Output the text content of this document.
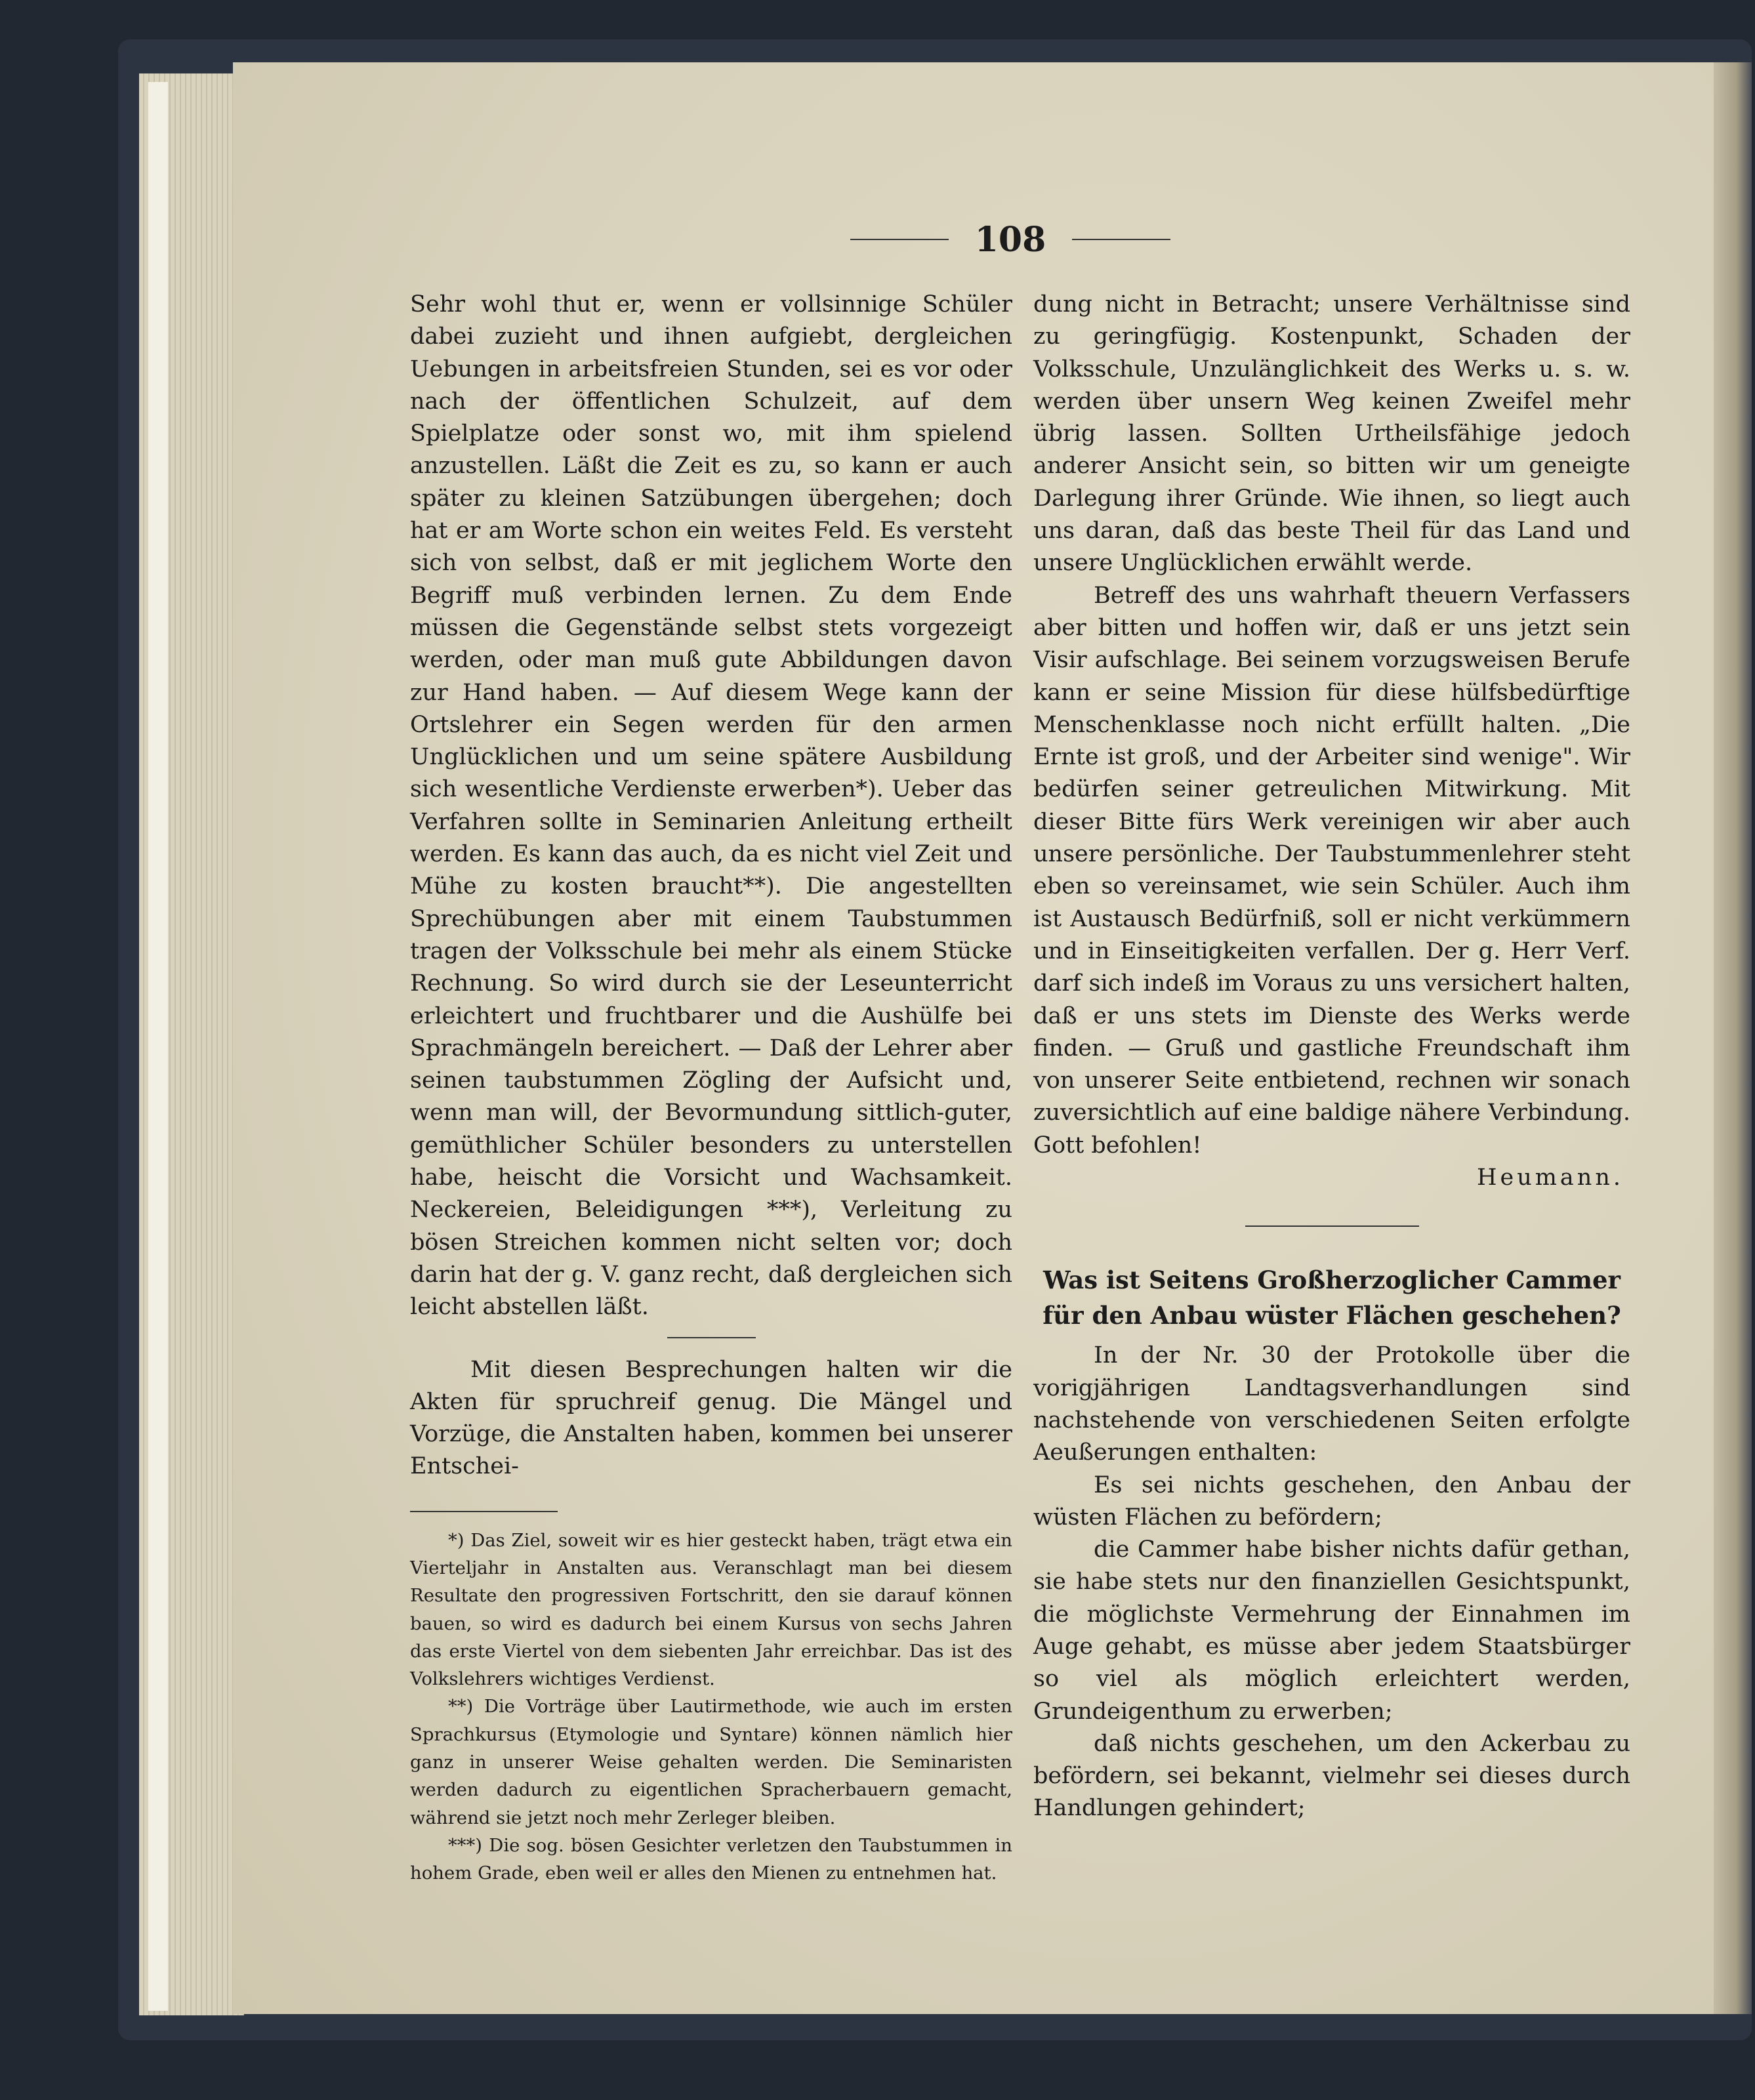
108

Sehr wohl thut er, wenn er vollsinnige Schüler dabei zuzieht und ihnen aufgiebt, dergleichen Uebungen in arbeitsfreien Stunden, sei es vor oder nach der öffentlichen Schulzeit, auf dem Spielplatze oder sonst wo, mit ihm spielend anzustellen. Läßt die Zeit es zu, so kann er auch später zu kleinen Satzübungen übergehen; doch hat er am Worte schon ein weites Feld. Es versteht sich von selbst, daß er mit jeglichem Worte den Begriff muß verbinden lernen. Zu dem Ende müssen die Gegenstände selbst stets vorgezeigt werden, oder man muß gute Abbildungen davon zur Hand haben. — Auf diesem Wege kann der Ortslehrer ein Segen werden für den armen Unglücklichen und um seine spätere Ausbildung sich wesentliche Verdienste erwerben*). Ueber das Verfahren sollte in Seminarien Anleitung ertheilt werden. Es kann das auch, da es nicht viel Zeit und Mühe zu kosten braucht**). Die angestellten Sprechübungen aber mit einem Taubstummen tragen der Volksschule bei mehr als einem Stücke Rechnung. So wird durch sie der Leseunterricht erleichtert und fruchtbarer und die Aushülfe bei Sprachmängeln bereichert. — Daß der Lehrer aber seinen taubstummen Zögling der Aufsicht und, wenn man will, der Bevormundung sittlich-guter, gemüthlicher Schüler besonders zu unterstellen habe, heischt die Vorsicht und Wachsamkeit. Neckereien, Beleidigungen ***), Verleitung zu bösen Streichen kommen nicht selten vor; doch darin hat der g. V. ganz recht, daß dergleichen sich leicht abstellen läßt.

Mit diesen Besprechungen halten wir die Akten für spruchreif genug. Die Mängel und Vorzüge, die Anstalten haben, kommen bei unserer Entschei-

*) Das Ziel, soweit wir es hier gesteckt haben, trägt etwa ein Vierteljahr in Anstalten aus. Veranschlagt man bei diesem Resultate den progressiven Fortschritt, den sie darauf können bauen, so wird es dadurch bei einem Kursus von sechs Jahren das erste Viertel von dem siebenten Jahr erreichbar. Das ist des Volkslehrers wichtiges Verdienst.

**) Die Vorträge über Lautirmethode, wie auch im ersten Sprachkursus (Etymologie und Syntare) können nämlich hier ganz in unserer Weise gehalten werden. Die Seminaristen werden dadurch zu eigentlichen Spracherbauern gemacht, während sie jetzt noch mehr Zerleger bleiben.

***) Die sog. bösen Gesichter verletzen den Taubstummen in hohem Grade, eben weil er alles den Mienen zu entnehmen hat.

dung nicht in Betracht; unsere Verhältnisse sind zu geringfügig. Kostenpunkt, Schaden der Volksschule, Unzulänglichkeit des Werks u. s. w. werden über unsern Weg keinen Zweifel mehr übrig lassen. Sollten Urtheilsfähige jedoch anderer Ansicht sein, so bitten wir um geneigte Darlegung ihrer Gründe. Wie ihnen, so liegt auch uns daran, daß das beste Theil für das Land und unsere Unglücklichen erwählt werde.

Betreff des uns wahrhaft theuern Verfassers aber bitten und hoffen wir, daß er uns jetzt sein Visir aufschlage. Bei seinem vorzugsweisen Berufe kann er seine Mission für diese hülfsbedürftige Menschenklasse noch nicht erfüllt halten. „Die Ernte ist groß, und der Arbeiter sind wenige". Wir bedürfen seiner getreulichen Mitwirkung. Mit dieser Bitte fürs Werk vereinigen wir aber auch unsere persönliche. Der Taubstummenlehrer steht eben so vereinsamet, wie sein Schüler. Auch ihm ist Austausch Bedürfniß, soll er nicht verkümmern und in Einseitigkeiten verfallen. Der g. Herr Verf. darf sich indeß im Voraus zu uns versichert halten, daß er uns stets im Dienste des Werks werde finden. — Gruß und gastliche Freundschaft ihm von unserer Seite entbietend, rechnen wir sonach zuversichtlich auf eine baldige nähere Verbindung. Gott befohlen!

Heumann.

Was ist Seitens Großherzoglicher Cammer für den Anbau wüster Flächen geschehen?

In der Nr. 30 der Protokolle über die vorigjährigen Landtagsverhandlungen sind nachstehende von verschiedenen Seiten erfolgte Aeußerungen enthalten:

Es sei nichts geschehen, den Anbau der wüsten Flächen zu befördern;

die Cammer habe bisher nichts dafür gethan, sie habe stets nur den finanziellen Gesichtspunkt, die möglichste Vermehrung der Einnahmen im Auge gehabt, es müsse aber jedem Staatsbürger so viel als möglich erleichtert werden, Grundeigenthum zu erwerben;

daß nichts geschehen, um den Ackerbau zu befördern, sei bekannt, vielmehr sei dieses durch Handlungen gehindert;
